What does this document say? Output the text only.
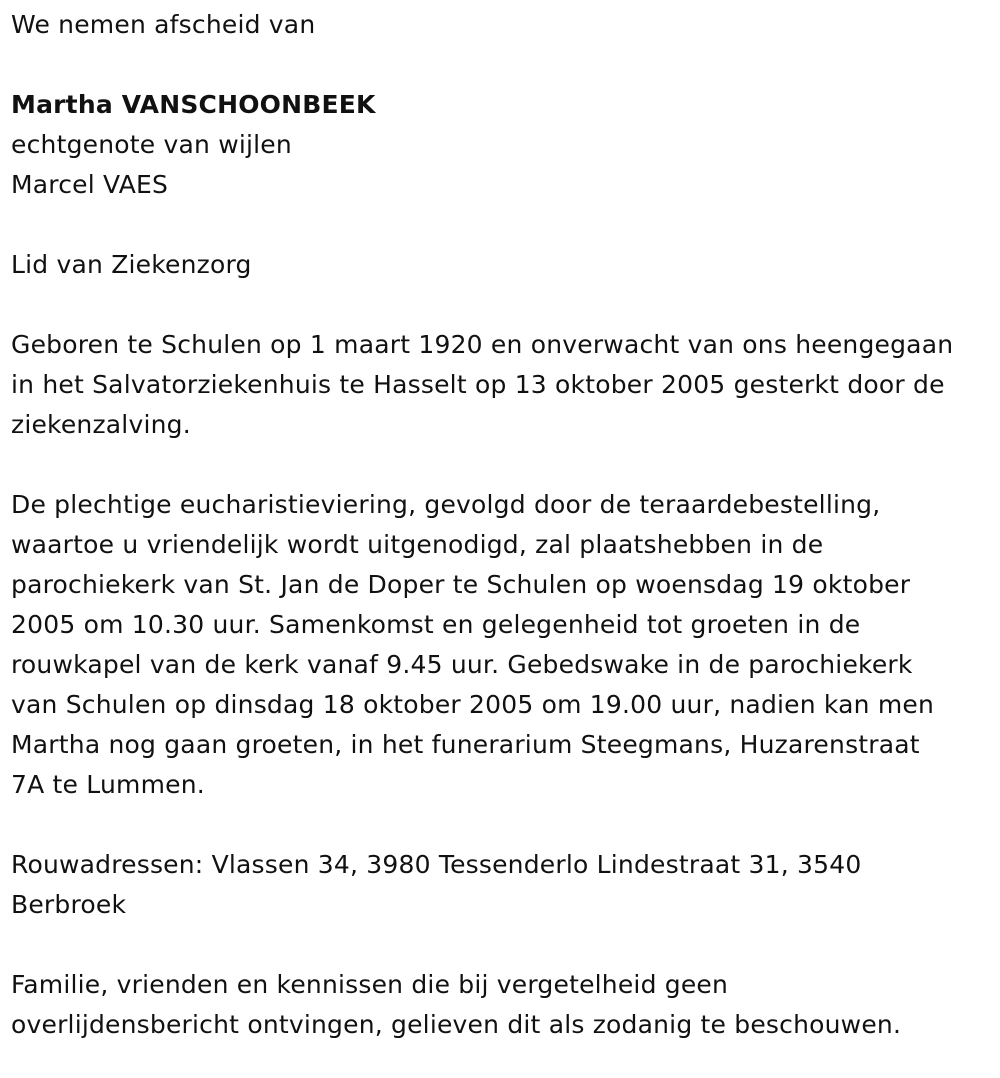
We nemen afscheid van
Martha VANSCHOONBEEK
echtgenote van wijlen
Marcel VAES
Lid van Ziekenzorg
Geboren te Schulen op 1 maart 1920 en onverwacht van ons heengegaan
in het Salvatorziekenhuis te Hasselt op 13 oktober 2005 gesterkt door de
ziekenzalving.
De plechtige eucharistieviering, gevolgd door de teraardebestelling,
waartoe u vriendelijk wordt uitgenodigd, zal plaatshebben in de
parochiekerk van St. Jan de Doper te Schulen op woensdag 19 oktober
2005 om 10.30 uur. Samenkomst en gelegenheid tot groeten in de
rouwkapel van de kerk vanaf 9.45 uur. Gebedswake in de parochiekerk
van Schulen op dinsdag 18 oktober 2005 om 19.00 uur, nadien kan men
Martha nog gaan groeten, in het funerarium Steegmans, Huzarenstraat
7A te Lummen.
Rouwadressen: Vlassen 34, 3980 Tessenderlo Lindestraat 31, 3540
Berbroek
Familie, vrienden en kennissen die bij vergetelheid geen
overlijdensbericht ontvingen, gelieven dit als zodanig te beschouwen.
